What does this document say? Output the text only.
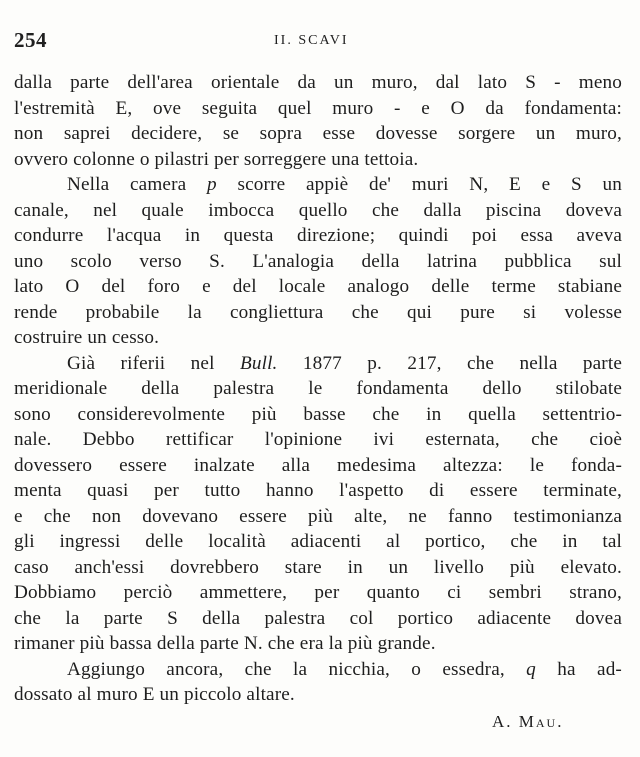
254	II. SCAVI
dalla parte dell'area orientale da un muro, dal lato S - meno
l'estremità E, ove seguita quel muro - e O da fondamenta:
non saprei decidere, se sopra esse dovesse sorgere un muro,
ovvero colonne o pilastri per sorreggere una tettoia.
Nella camera p scorre appiè de' muri N, E e S un
canale, nel quale imbocca quello che dalla piscina doveva
condurre l'acqua in questa direzione; quindi poi essa aveva
uno scolo verso S. L'analogia della latrina pubblica sul
lato O del foro e del locale analogo delle terme stabiane
rende probabile la congliettura che qui pure si volesse
costruire un cesso.
Già riferii nel Bull. 1877 p. 217, che nella parte
meridionale della palestra le fondamenta dello stilobate
sono considerevolmente più basse che in quella settentrio-
nale. Debbo rettificar l'opinione ivi esternata, che cioè
dovessero essere inalzate alla medesima altezza: le fonda-
menta quasi per tutto hanno l'aspetto di essere terminate,
e che non dovevano essere più alte, ne fanno testimonianza
gli ingressi delle località adiacenti al portico, che in tal
caso anch'essi dovrebbero stare in un livello più elevato.
Dobbiamo perciò ammettere, per quanto ci sembri strano,
che la parte S della palestra col portico adiacente dovea
rimaner più bassa della parte N. che era la più grande.
Aggiungo ancora, che la nicchia, o essedra, q ha ad-
dossato al muro E un piccolo altare.
A. Mau.
